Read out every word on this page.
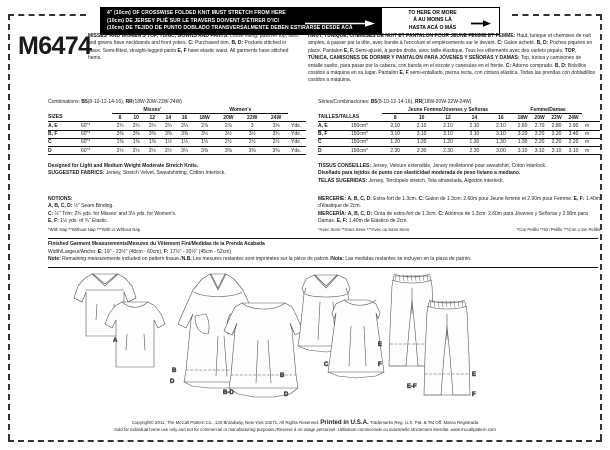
4" (10cm) OF CROSSWISE FOLDED KNIT MUST STRETCH FROM HERE
(10cm) DE JERSEY PLIÉ SUR LE TRAVERS DOIVENT S'ÉTIRER D'ICI
(10cm) DE TEJIDO DE PUNTO DOBLADO TRANSVERSALMENTE DEBEN ESTIRARSE DESDE ACÁ
TO HERE OR MORE
À AU MOINS LÀ
HASTA ACÁ O MÁS
M6474
MISSES' AND WOMEN'S TOP, TUNIC, GOWNS AND PANTS: Loose fitting, pullover top, tunic and gowns have neckbands and front yokes. C: Purchased trim. B, D: Pockets stitched in place. Semi-fitted, straight-legged pants E, F have elastic waist. All garments have stitched hems.
HAUT, TUNIQUE, CHEMISES DE NUIT ET PANTALON POUR JEUNE FEMME ET FEMME: Haut, tunique et chemises de nuit amples, à passer par la tête, avec bande à l'encolure et empiècements sur le devant. C: Galon acheté. B, D: Poches piquées en place. Pantalon E, F, Semi-ajusté, à jambe droite, avec taille élastique. Tous les vêtements avec des ourlets piqués. TOP, TÚNICA, CAMISONES DE DORMIR Y PANTALÓN PARA JÓVENES Y SEÑORAS Y DAMAS: Top, túnica y camisones de entalle suelto, para pasar por la cabeza, con banda en el escote y canesúes en el frente. C: Adorno comprado. B, D: Bolsillos cosidos a máquina en su lugar. Pantalón E, F semi-entallado, pierna recta, con cintura elástica. Todas las prendas con dobladillos cosidos a máquina.
Combinations: B5(8-10-12-14-16), RR(18W-20W-22W-24W)
		Misses'					Women's				
SIZES		8	10	12	14	16	18W	20W	22W	24W	
A, E	60"*	2¼	2¼	2¼	2¼	2¼	2⅞	2⅞	3	3⅛	Yds.
B, F	60"*	3⅜	3⅜	3⅜	3⅜	3⅜	3½	3½	3½	3¾	Yds.
C	60"*	1⅜	1⅜	1⅜	1½	1½	1½	2½	2½	2½	Yds.
D	60"*	2½	2½	2½	2½	3¼	3⅜	3⅜	3⅜	3⅜	Yds.
Séries/Combinaciones: B5(8-10-12-14-16), RR(18W-20W-22W-24W)
		Jeune Femme/Jóvenes y Señoras					Femme/Damas				
TAILLES/TALLAS		8	10	12	14	16	18W	20W	22W	24W	
A, E	150cm*	2.10	2.10	2.10	2.10	2.10	2.60	2.70	2.80	2.90	m
B, F	150cm*	3.10	3.10	3.10	3.10	3.10	3.20	3.20	3.20	3.40	m
C	150cm*	1.20	1.20	1.20	1.30	1.30	1.30	2.20	2.20	2.20	m
D	150cm*	2.30	2.30	2.30	2.30	3.00	3.10	3.10	3.10	3.10	m
Designed for Light and Medium Weight Moderate Stretch Knits.
SUGGESTED FABRICS: Jersey, Stretch Velvet, Sweatshirting, Cotton Interlock.
TISSUS CONSEILLES: Jersey, Velours extensible, Jersey molletonné pour sweatshirt, Coton interlock.
Diseñado para tejidos de punto con elasticidad moderada de peso liviano a mediano.
TELAS SUGERIDAS: Jersey, Terciopelo stretch, Tela afranelada, Algodón interlock.
NOTIONS:
A, B, C, D: ½" Seam Binding.
C: ½" Trim: 2¾ yds. for Misses' and 3⅛ yds. for Women's.
E, F: 1½ yds. of ¾" Elastic.
*With Nap **Without Nap ***With or Without Nap
MERCERIE: A, B, C, D: Extra-fort de 1.3cm. C: Galon de 1.3cm: 2.60m pour Jeune femme et 2.90m pour Femme. E, F: 1.40m d'élastique de 2cm.
MERCERÍA: A, B, C, D: Cinta de extra-fort de 1.3cm. C: Adornos de 1.3cm: 2.60m para Jóvenes y Señoras y 2.90m para Damas. E, F: 1.40m de Elástico de 2cm.
*Avec Sens **Sans Sens ***Avec ou Sans Sens	*Con Pelillo **Sin Pelillo ***Con o Sin Pelillo
Finished Garment Measurements/Mesures du Vêtement Fini/Medidas de la Prenda Acabada
Width/Largeur/Ancho: E: 19" - 23½" (48cm - 60cm), F: 17½" - 20½" (45cm - 52cm)
Note: Remaining measurements included on pattern tissue./N.B. Les mesures restantes sont imprimées sur la pièce de patron./Nota: Las medidas restantes se incluyen en la pieza de patrón.
A
B
D
B
D
B-D
C
E
F
E
F
E-F
Copyright© 2011, The McCall Pattern Co., 120 Broadway, New York 10271, All Rights Reserved. Printed in U.S.A. Trademarks Reg. U.S. Pat. & TM Off. Marca Registrada
Sold for individual home use only and not for commercial or manufacturing purposes./Reserve à un usage personnel. Utilisation commerciale ou industrielle strictement interdite. www.mccallpattern.com
